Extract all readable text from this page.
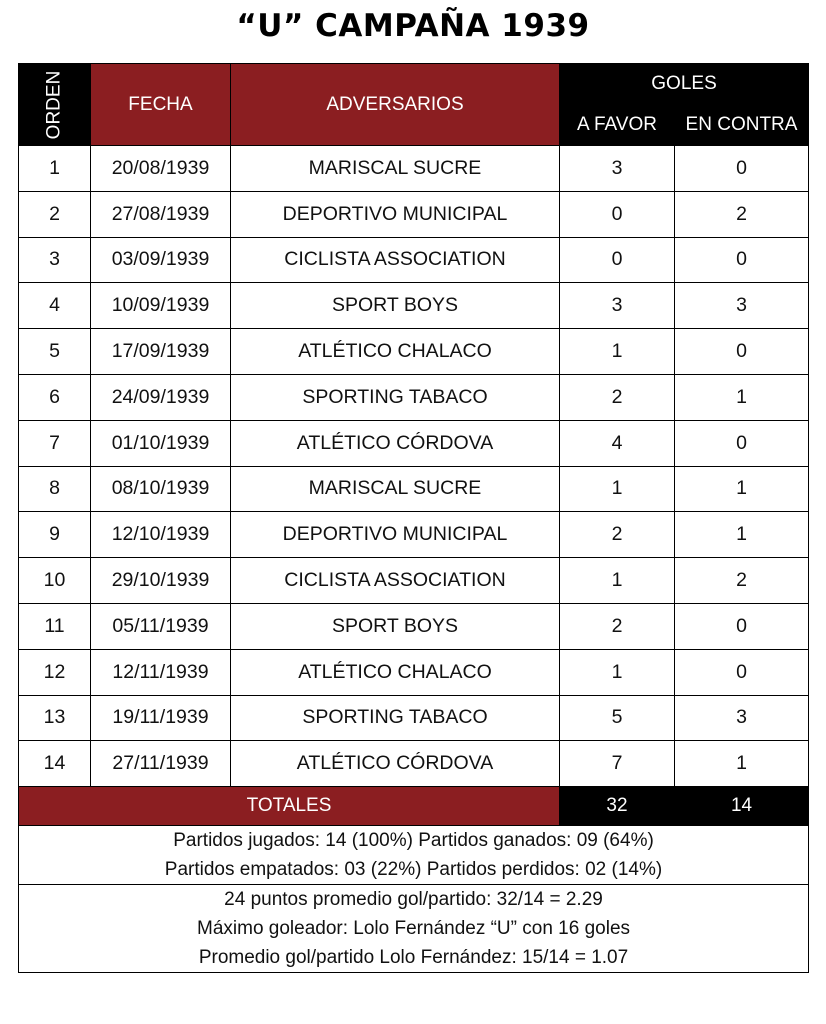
“U” CAMPAÑA 1939
ORDEN	FECHA	ADVERSARIOS	GOLES	
			A FAVOR	EN CONTRA
1	20/08/1939	MARISCAL SUCRE	3	0
2	27/08/1939	DEPORTIVO MUNICIPAL	0	2
3	03/09/1939	CICLISTA ASSOCIATION	0	0
4	10/09/1939	SPORT BOYS	3	3
5	17/09/1939	ATLÉTICO CHALACO	1	0
6	24/09/1939	SPORTING TABACO	2	1
7	01/10/1939	ATLÉTICO CÓRDOVA	4	0
8	08/10/1939	MARISCAL SUCRE	1	1
9	12/10/1939	DEPORTIVO MUNICIPAL	2	1
10	29/10/1939	CICLISTA ASSOCIATION	1	2
11	05/11/1939	SPORT BOYS	2	0
12	12/11/1939	ATLÉTICO CHALACO	1	0
13	19/11/1939	SPORTING TABACO	5	3
14	27/11/1939	ATLÉTICO CÓRDOVA	7	1
TOTALES			32	14

Partidos jugados: 14 (100%) Partidos ganados: 09 (64%)
Partidos empatados: 03 (22%) Partidos perdidos: 02 (14%)				

24 puntos promedio gol/partido: 32/14 = 2.29
Máximo goleador: Lolo Fernández “U” con 16 goles
Promedio gol/partido Lolo Fernández: 15/14 = 1.07				
